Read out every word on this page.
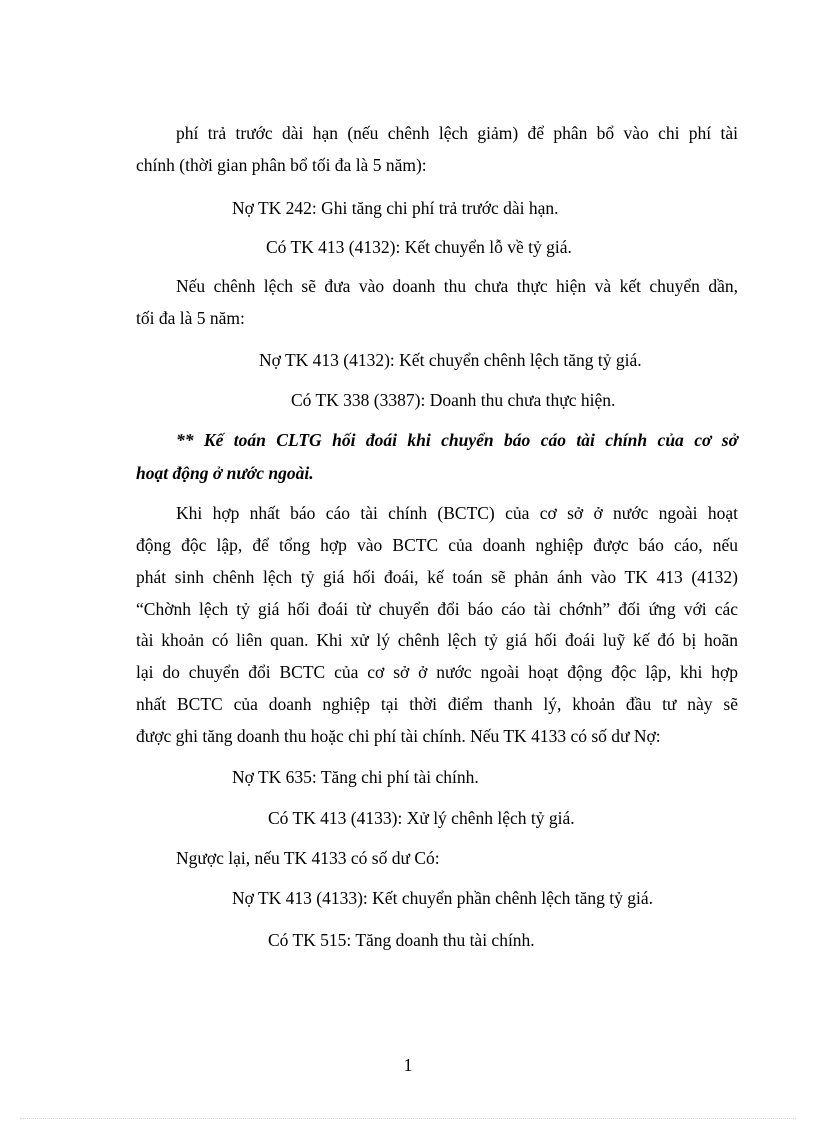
phí trả trước dài hạn (nếu chênh lệch giảm) để phân bổ vào chi phí tài
chính (thời gian phân bổ tối đa là 5 năm):
Nợ TK 242: Ghi tăng chi phí trả trước dài hạn.
Có TK 413 (4132): Kết chuyển lỗ về tỷ giá.
Nếu chênh lệch sẽ đưa vào doanh thu chưa thực hiện và kết chuyển dần,
tối đa là 5 năm:
Nợ TK 413 (4132): Kết chuyển chênh lệch tăng tỷ giá.
Có TK 338 (3387): Doanh thu chưa thực hiện.
** Kế toán CLTG hối đoái khi chuyển báo cáo tài chính của cơ sở
hoạt động ở nước ngoài.
Khi hợp nhất báo cáo tài chính (BCTC) của cơ sở ở nước ngoài hoạt
động độc lập, để tổng hợp vào BCTC của doanh nghiệp được báo cáo, nếu
phát sinh chênh lệch tỷ giá hối đoái, kế toán sẽ phản ánh vào TK 413 (4132)
“Chờnh lệch tỷ giá hối đoái từ chuyển đổi báo cáo tài chớnh” đối ứng với các
tài khoản có liên quan. Khi xử lý chênh lệch tỷ giá hối đoái luỹ kế đó bị hoãn
lại do chuyển đổi BCTC của cơ sở ở nước ngoài hoạt động độc lập, khi hợp
nhất BCTC của doanh nghiệp tại thời điểm thanh lý, khoản đầu tư này sẽ
được ghi tăng doanh thu hoặc chi phí tài chính. Nếu TK 4133 có số dư Nợ:
Nợ TK 635: Tăng chi phí tài chính.
Có TK 413 (4133): Xử lý chênh lệch tỷ giá.
Ngược lại, nếu TK 4133 có số dư Có:
Nợ TK 413 (4133): Kết chuyển phần chênh lệch tăng tỷ giá.
Có TK 515: Tăng doanh thu tài chính.
1
